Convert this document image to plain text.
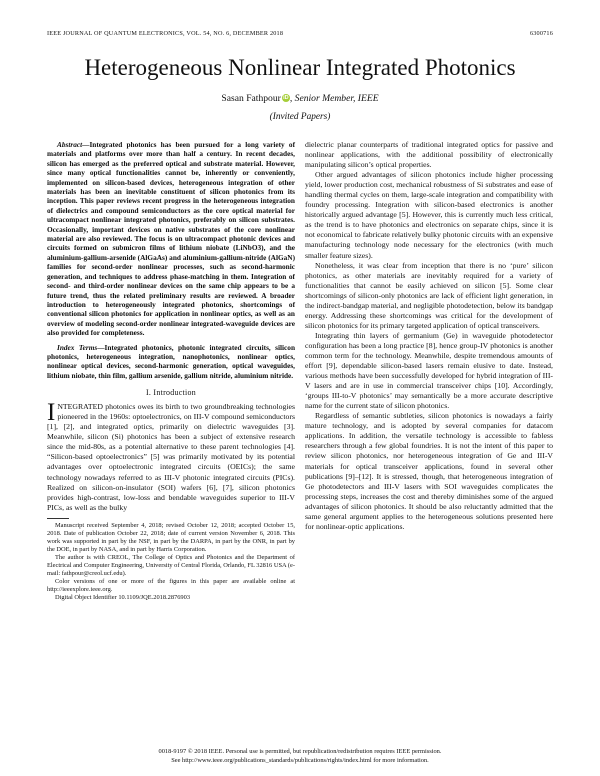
IEEE JOURNAL OF QUANTUM ELECTRONICS, VOL. 54, NO. 6, DECEMBER 2018	6300716
Heterogeneous Nonlinear Integrated Photonics
Sasan Fathpour iD, Senior Member, IEEE
(Invited Papers)

Abstract—Integrated photonics has been pursued for a long variety of materials and platforms over more than half a century. In recent decades, silicon has emerged as the preferred optical and substrate material. However, since many optical functionalities cannot be, inherently or conveniently, implemented on silicon-based devices, heterogeneous integration of other materials has been an inevitable constituent of silicon photonics from its inception. This paper reviews recent progress in the heterogeneous integration of dielectrics and compound semiconductors as the core optical material for ultracompact nonlinear integrated photonics, preferably on silicon substrates. Occasionally, important devices on native substrates of the core nonlinear material are also reviewed. The focus is on ultracompact photonic devices and circuits formed on submicron films of lithium niobate (LiNbO3), and the aluminium-gallium-arsenide (AlGaAs) and aluminium-gallium-nitride (AlGaN) families for second-order nonlinear processes, such as second-harmonic generation, and techniques to address phase-matching in them. Integration of second- and third-order nonlinear devices on the same chip appears to be a future trend, thus the related preliminary results are reviewed. A broader introduction to heterogeneously integrated photonics, shortcomings of conventional silicon photonics for application in nonlinear optics, as well as an overview of modeling second-order nonlinear integrated-waveguide devices are also provided for completeness.

Index Terms—Integrated photonics, photonic integrated circuits, silicon photonics, heterogeneous integration, nanophotonics, nonlinear optics, nonlinear optical devices, second-harmonic generation, optical waveguides, lithium niobate, thin film, gallium arsenide, gallium nitride, aluminium nitride.

I. Introduction

INTEGRATED photonics owes its birth to two groundbreaking technologies pioneered in the 1960s: optoelectronics, on III-V compound semiconductors [1], [2], and integrated optics, primarily on dielectric waveguides [3]. Meanwhile, silicon (Si) photonics has been a subject of extensive research since the mid-80s, as a potential alternative to these parent technologies [4]. “Silicon-based optoelectronics” [5] was primarily motivated by its potential advantages over optoelectronic integrated circuits (OEICs); the same technology nowadays referred to as III-V photonic integrated circuits (PICs). Realized on silicon-on-insulator (SOI) wafers [6], [7], silicon photonics provides high-contrast, low-loss and bendable waveguides superior to III-V PICs, as well as the bulky

Manuscript received September 4, 2018; revised October 12, 2018; accepted October 15, 2018. Date of publication October 22, 2018; date of current version November 6, 2018. This work was supported in part by the NSF, in part by the DARPA, in part by the ONR, in part by the DOE, in part by NASA, and in part by Harris Corporation.

The author is with CREOL, The College of Optics and Photonics and the Department of Electrical and Computer Engineering, University of Central Florida, Orlando, FL 32816 USA (e-mail: fathpour@creol.ucf.edu).

Color versions of one or more of the figures in this paper are available online at http://ieeexplore.ieee.org.

Digital Object Identifier 10.1109/JQE.2018.2876903

dielectric planar counterparts of traditional integrated optics for passive and nonlinear applications, with the additional possibility of electronically manipulating silicon’s optical properties.

Other argued advantages of silicon photonics include higher processing yield, lower production cost, mechanical robustness of Si substrates and ease of handling thermal cycles on them, large-scale integration and compatibility with foundry processing. Integration with silicon-based electronics is another historically argued advantage [5]. However, this is currently much less critical, as the trend is to have photonics and electronics on separate chips, since it is not economical to fabricate relatively bulky photonic circuits with an expensive manufacturing technology node necessary for the electronics (with much smaller feature sizes).

Nonetheless, it was clear from inception that there is no ‘pure’ silicon photonics, as other materials are inevitably required for a variety of functionalities that cannot be easily achieved on silicon [5]. Some clear shortcomings of silicon-only photonics are lack of efficient light generation, in the indirect-bandgap material, and negligible photodetection, below its bandgap energy. Addressing these shortcomings was critical for the development of silicon photonics for its primary targeted application of optical transceivers.

Integrating thin layers of germanium (Ge) in waveguide photodetector configuration has been a long practice [8], hence group-IV photonics is another common term for the technology. Meanwhile, despite tremendous amounts of effort [9], dependable silicon-based lasers remain elusive to date. Instead, various methods have been successfully developed for hybrid integration of III-V lasers and are in use in commercial transceiver chips [10]. Accordingly, ‘groups III-to-V photonics’ may semantically be a more accurate descriptive name for the current state of silicon photonics.

Regardless of semantic subtleties, silicon photonics is nowadays a fairly mature technology, and is adopted by several companies for datacom applications. In addition, the versatile technology is accessible to fabless researchers through a few global foundries. It is not the intent of this paper to review silicon photonics, nor heterogeneous integration of Ge and III-V materials for optical transceiver applications, found in several other publications [9]–[12]. It is stressed, though, that heterogeneous integration of Ge photodetectors and III-V lasers with SOI waveguides complicates the processing steps, increases the cost and thereby diminishes some of the argued advantages of silicon photonics. It should be also reluctantly admitted that the same general argument applies to the heterogeneous solutions presented here for nonlinear-optic applications.

0018-9197 © 2018 IEEE. Personal use is permitted, but republication/redistribution requires IEEE permission.
See http://www.ieee.org/publications_standards/publications/rights/index.html for more information.
